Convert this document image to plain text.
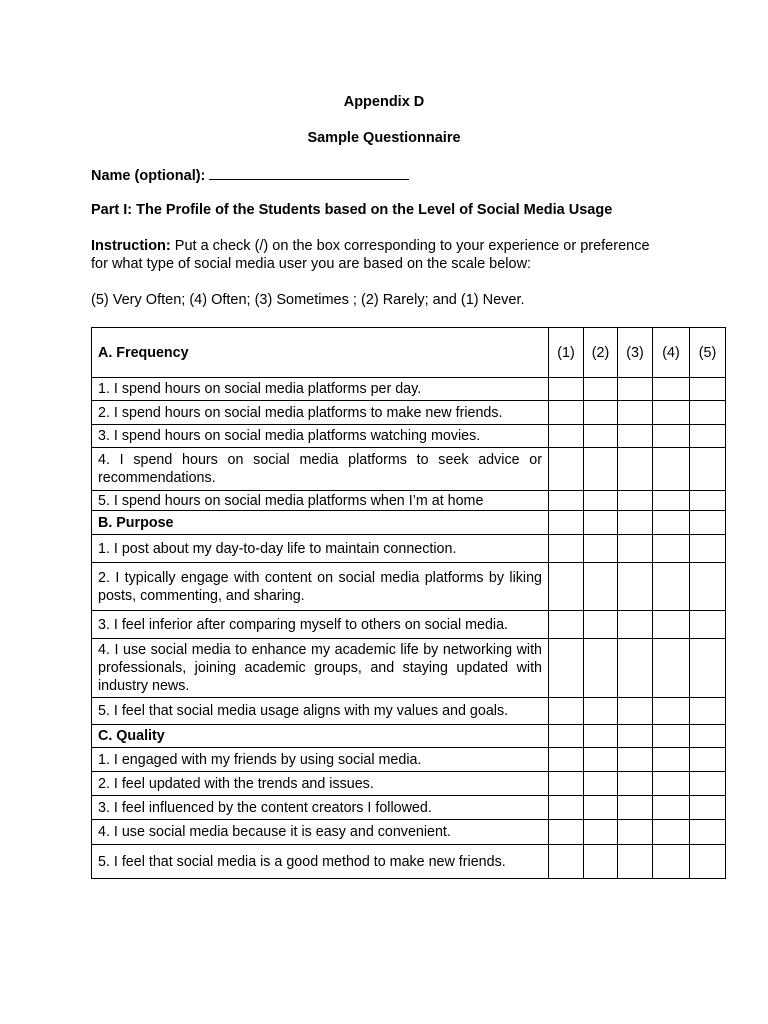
Appendix D

Sample Questionnaire

Name (optional):

Part I: The Profile of the Students based on the Level of Social Media Usage

Instruction: Put a check (/) on the box corresponding to your experience or preference
for what type of social media user you are based on the scale below:

(5) Very Often; (4) Often; (3) Sometimes ; (2) Rarely; and (1) Never.

A. Frequency	(1)	(2)	(3)	(4)	(5)
1. I spend hours on social media platforms per day.					
2. I spend hours on social media platforms to make new friends.					
3. I spend hours on social media platforms watching movies.					
4. I spend hours on social media platforms to seek advice or recommendations.					
5. I spend hours on social media platforms when I’m at home					
B. Purpose					
1. I post about my day-to-day life to maintain connection.					
2. I typically engage with content on social media platforms by liking posts, commenting, and sharing.					
3. I feel inferior after comparing myself to others on social media.					
4. I use social media to enhance my academic life by networking with professionals, joining academic groups, and staying updated with industry news.					
5. I feel that social media usage aligns with my values and goals.					
C. Quality					
1. I engaged with my friends by using social media.					
2. I feel updated with the trends and issues.					
3. I feel influenced by the content creators I followed.					
4. I use social media because it is easy and convenient.					
5. I feel that social media is a good method to make new friends.					
